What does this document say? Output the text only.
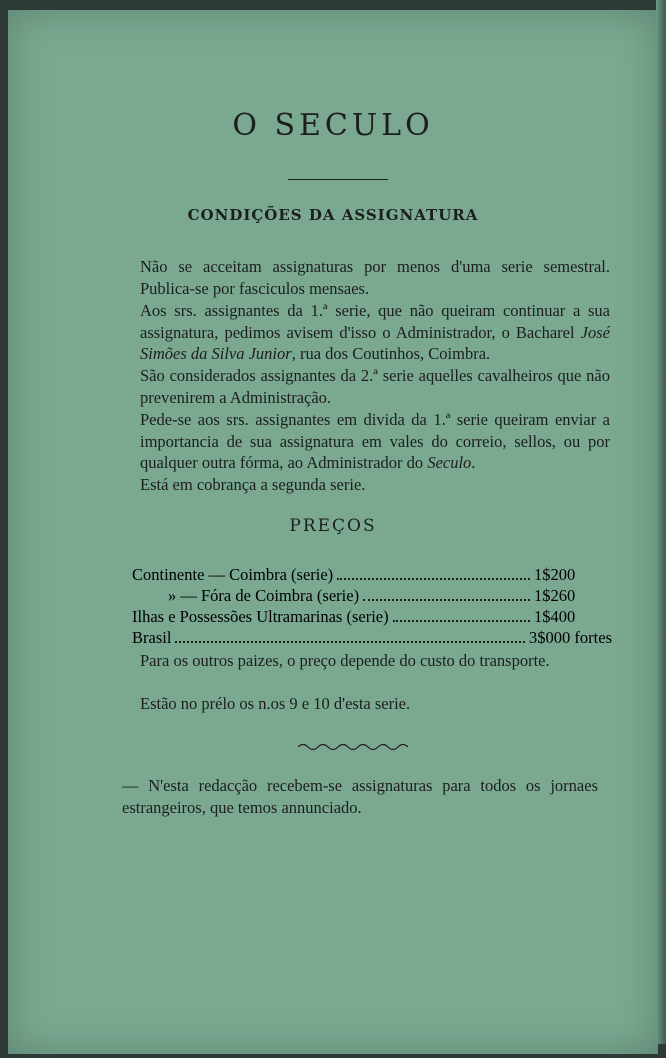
O SECULO
CONDIÇÕES DA ASSIGNATURA
Não se acceitam assignaturas por menos d'uma serie semestral. Publica-se por fasciculos mensaes.
Aos srs. assignantes da 1.ª serie, que não queiram continuar a sua assignatura, pedimos avisem d'isso o Administrador, o Bacharel José Simões da Silva Junior, rua dos Coutinhos, Coimbra.
São considerados assignantes da 2.ª serie aquelles cavalheiros que não prevenirem a Administração.
Pede-se aos srs. assignantes em divida da 1.ª serie queiram enviar a importancia de sua assignatura em vales do correio, sellos, ou por qualquer outra fórma, ao Administrador do Seculo.
Está em cobrança a segunda serie.
PREÇOS
Continente — Coimbra (serie)	1$200
» — Fóra de Coimbra (serie)	1$260
Ilhas e Possessões Ultramarinas (serie)	1$400
Brasil	3$000 fortes
Para os outros paizes, o preço depende do custo do transporte.
Estão no prélo os n.os 9 e 10 d'esta serie.
— N'esta redacção recebem-se assignaturas para todos os jornaes estrangeiros, que temos annunciado.
